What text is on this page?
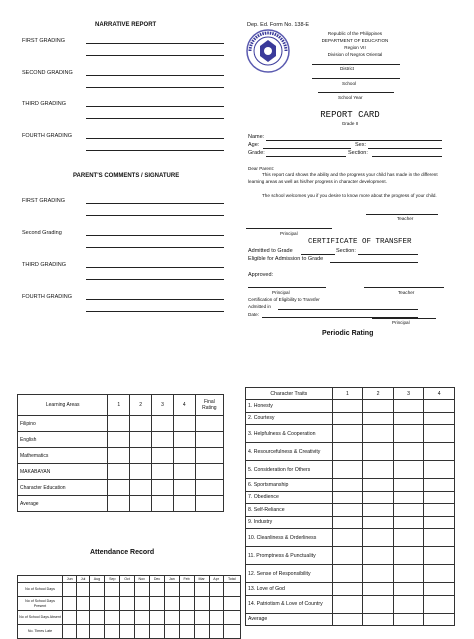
NARRATIVE REPORT
FIRST GRADING
SECOND GRADING
THIRD GRADING
FOURTH GRADING
PARENT'S COMMENTS / SIGNATURE
FIRST GRADING
Second Grading
THIRD GRADING
FOURTH GRADING
Dep. Ed. Form No. 138-E
Republic of the Philippines
DEPARTMENT OF EDUCATION
Region VII
Division of Negros Oriental
District
School
School Year
REPORT CARD
Grade II
Name:
Age:	Sex:
Grade:	Section:
Dear Parent:
This report card shows the ability and the progress your child has made in the different learning areas as well as his/her progress in character development.
The school welcomes you if you desire to know more about the progress of your child.
Teacher
Principal
CERTIFICATE OF TRANSFER
Admitted to Grade	Section:
Eligible for Admission to Grade
Approved:
Principal	Teacher
Certification of Eligibility to Transfer
Admitted in
Date:
Principal
Periodic Rating
Learning Areas	1	2	3	4	Final Rating
Filipino					
English					
Mathematics					
MAKABAYAN					
Character Education					
Average					
Character Traits	1	2	3	4
1. Honesty				
2. Courtesy				
3. Helpfulness & Cooperation				
4. Resourcefulness & Creativity				
5. Consideration for Others				
6. Sportsmanship				
7. Obedience				
8. Self-Reliance				
9. Industry				
10. Cleanliness & Orderliness				
11. Promptness & Punctuality				
12. Sense of Responsibility				
13. Love of God				
14. Patriotism & Love of Country				
Average				
Attendance Record
	Jun	Jul	Aug	Sep	Oct	Nov	Dec	Jan	Feb	Mar	Apr	Total
No of School Days												
No of School Days Present												
No of School Days Absent												
No. Times Late												
